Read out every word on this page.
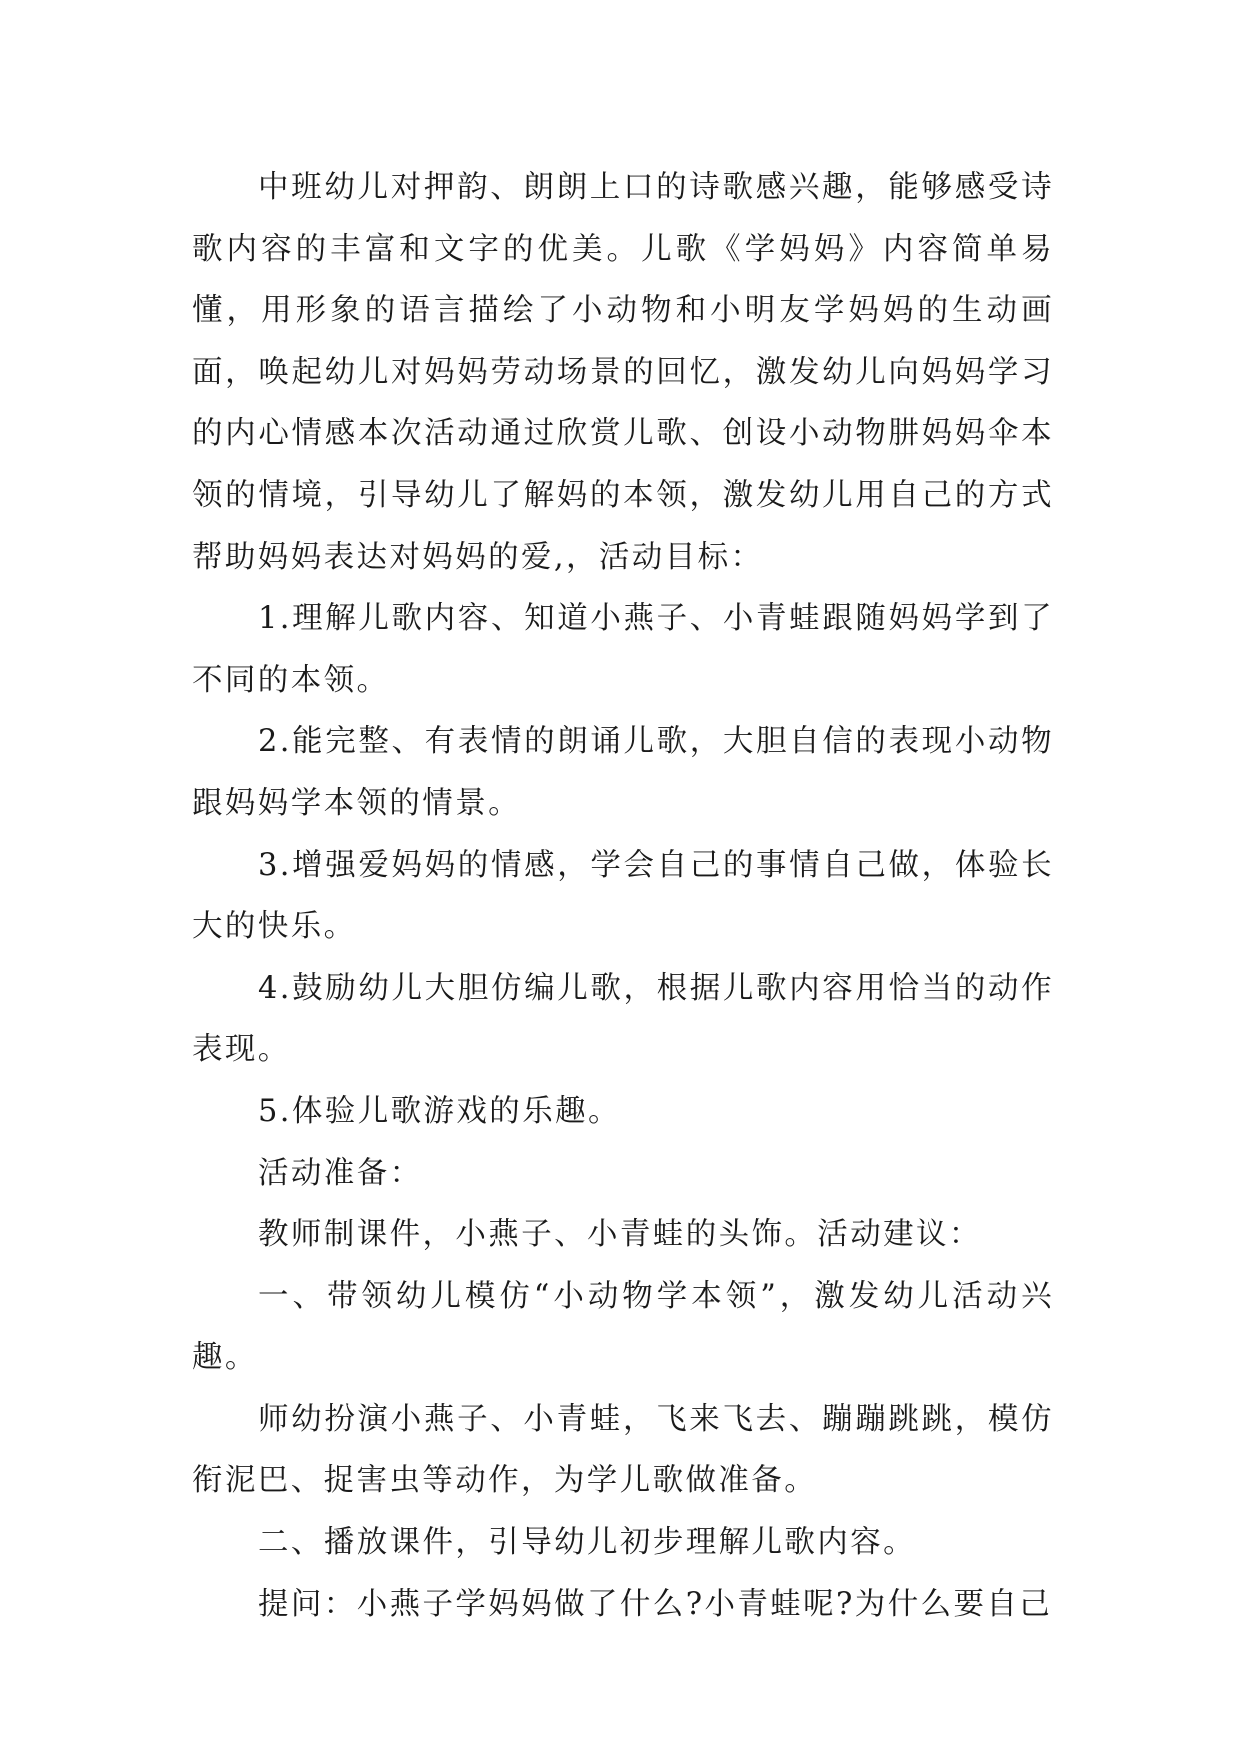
中班幼儿对押韵、朗朗上口的诗歌感兴趣，能够感受诗歌内容的丰富和文字的优美。儿歌《学妈妈》内容简单易懂，用形象的语言描绘了小动物和小明友学妈妈的生动画面，唤起幼儿对妈妈劳动场景的回忆，激发幼儿向妈妈学习的内心情感本次活动通过欣赏儿歌、创设小动物肼妈妈伞本领的情境，引导幼儿了解妈的本领，激发幼儿用自己的方式帮助妈妈表达对妈妈的爱,，活动目标：

1.理解儿歌内容、知道小燕子、小青蛙跟随妈妈学到了不同的本领。

2.能完整、有表情的朗诵儿歌，大胆自信的表现小动物跟妈妈学本领的情景。

3.增强爱妈妈的情感，学会自己的事情自己做，体验长大的快乐。

4.鼓励幼儿大胆仿编儿歌，根据儿歌内容用恰当的动作表现。

5.体验儿歌游戏的乐趣。

活动准备：

教师制课件，小燕子、小青蛙的头饰。活动建议：

一、带领幼儿模仿“小动物学本领”，激发幼儿活动兴趣。

师幼扮演小燕子、小青蛙，飞来飞去、蹦蹦跳跳，模仿衔泥巴、捉害虫等动作，为学儿歌做准备。

二、播放课件，引导幼儿初步理解儿歌内容。

提问：小燕子学妈妈做了什么?小青蛙呢?为什么要自己
